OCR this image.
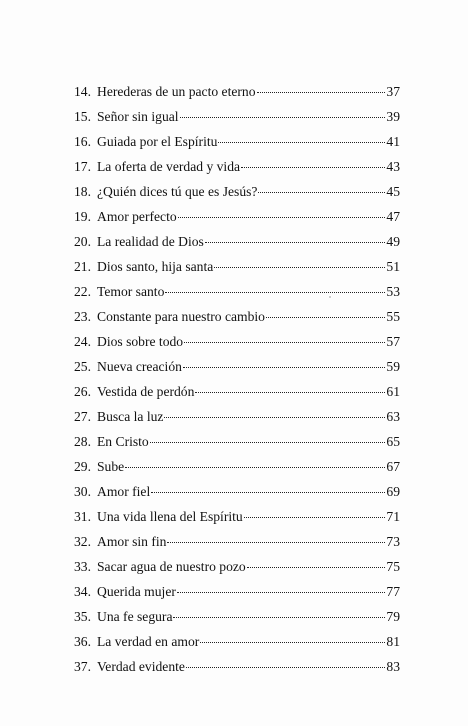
14. Herederas de un pacto eterno	37
15. Señor sin igual	39
16. Guiada por el Espíritu	41
17. La oferta de verdad y vida	43
18. ¿Quién dices tú que es Jesús?	45
19. Amor perfecto	47
20. La realidad de Dios	49
21. Dios santo, hija santa	51
22. Temor santo	53
23. Constante para nuestro cambio	55
24. Dios sobre todo	57
25. Nueva creación	59
26. Vestida de perdón	61
27. Busca la luz	63
28. En Cristo	65
29. Sube	67
30. Amor fiel	69
31. Una vida llena del Espíritu	71
32. Amor sin fin	73
33. Sacar agua de nuestro pozo	75
34. Querida mujer	77
35. Una fe segura	79
36. La verdad en amor	81
37. Verdad evidente	83
